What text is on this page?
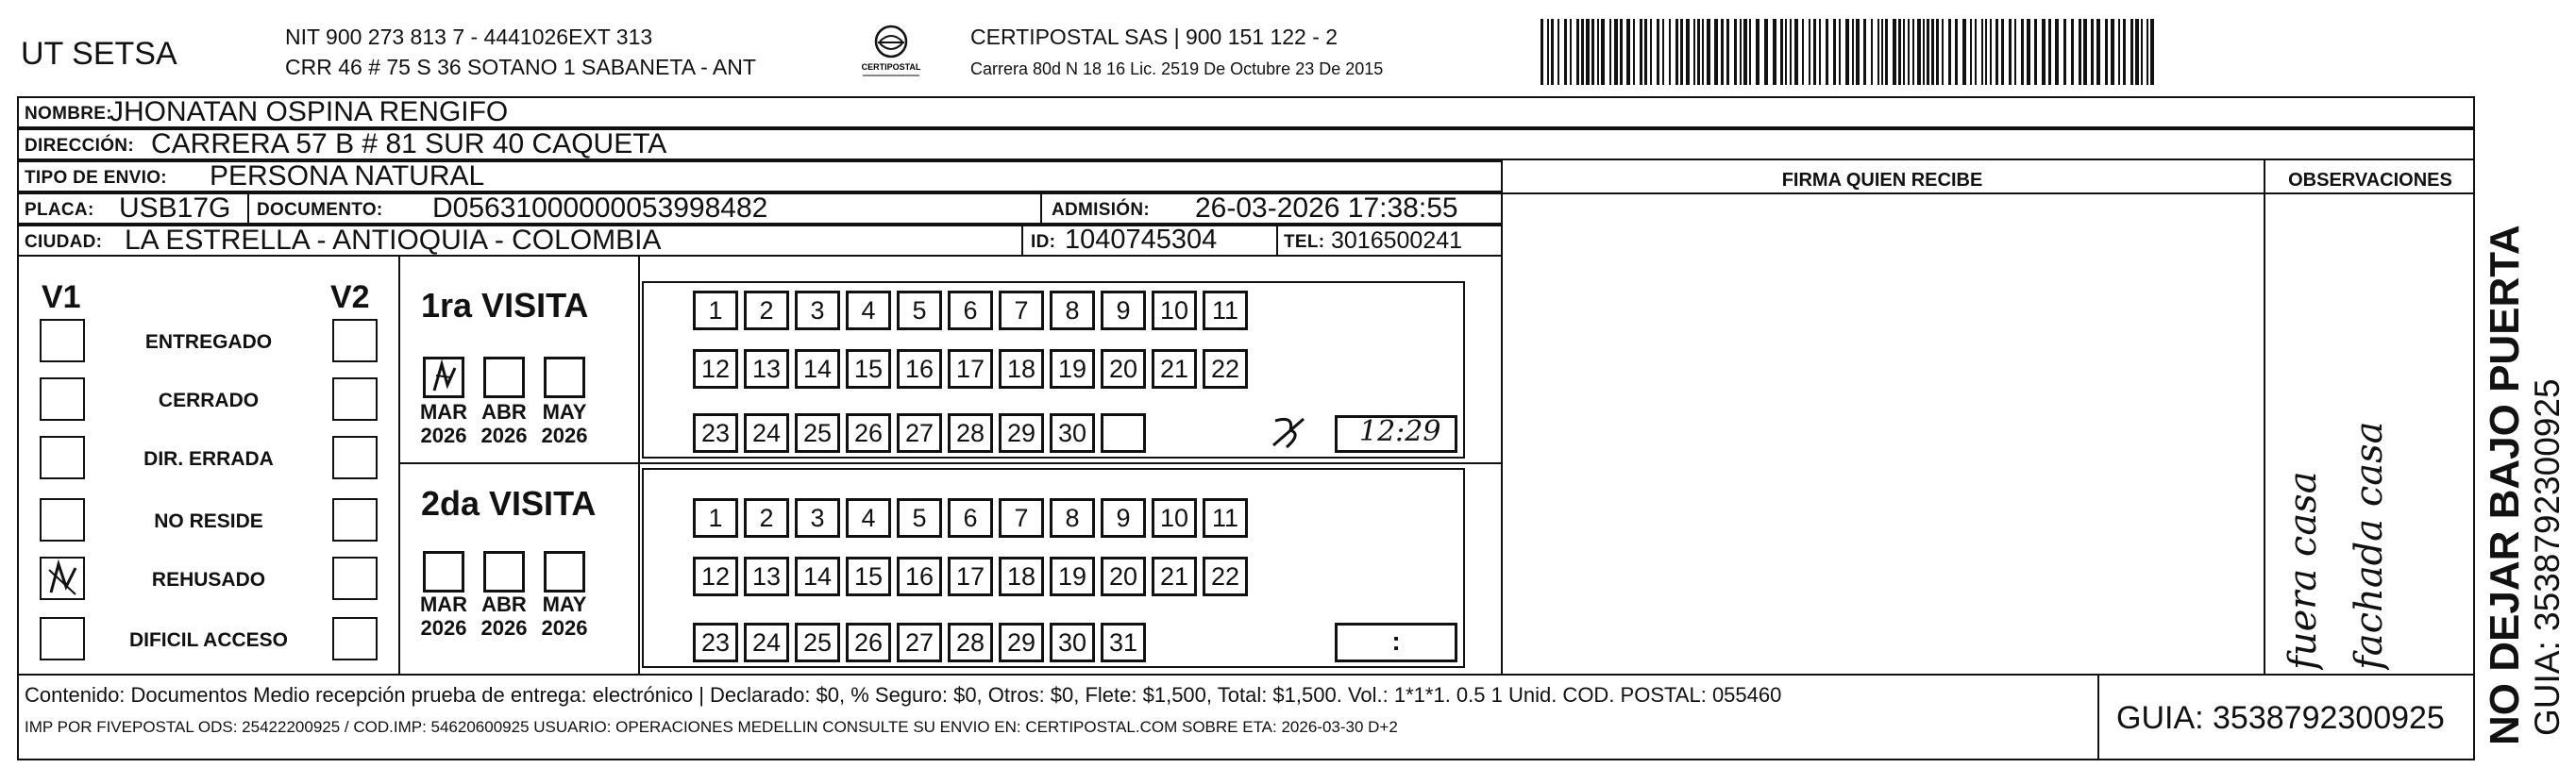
UT SETSA	NIT 900 273 813 7 - 4441026EXT 313
CRR 46 # 75 S 36 SOTANO 1 SABANETA - ANT	CERTIPOSTAL
CERTIPOSTAL SAS | 900 151 122 - 2
Carrera 80d N 18 16 Lic. 2519 De Octubre 23 De 2015
NOMBRE:
JHONATAN OSPINA RENGIFO
DIRECCIÓN: CARRERA 57 B # 81 SUR 40 CAQUETA
TIPO DE ENVIO: PERSONA NATURAL
PLACA: USB17G DOCUMENTO: D05631000000053998482	ADMISIÓN: 26-03-2026 17:38:55
CIUDAD: LA ESTRELLA - ANTIOQUIA - COLOMBIA	ID: 1040745304	TEL: 3016500241
FIRMA QUIEN RECIBE	OBSERVACIONES
V1	V2
ENTREGADO
CERRADO
DIR. ERRADA
NO RESIDE
REHUSADO
DIFICIL ACCESO
1ra VISITA
2da VISITA
MAR
2026
ABR
2026
MAY
2026
MAR
2026
ABR
2026
MAY
2026
1	2	3	4	5	6	7	8	9	10 11
12 13 14 15 16 17 18 19 20 21 22
23 24 25 26 27 28 29 30
1	2	3	4	5	6	7	8	9	10 11
12 13 14 15 16 17 18 19 20 21 22
23 24 25 26 27 28 29 30 31
12:29
:	fuera casa fachada casa
Contenido: Documentos Medio recepción prueba de entrega: electrónico | Declarado: $0, % Seguro: $0, Otros: $0, Flete: $1,500, Total: $1,500. Vol.: 1*1*1. 0.5 1 Unid. COD. POSTAL: 055460
IMP POR FIVEPOSTAL ODS: 25422200925 / COD.IMP: 54620600925 USUARIO: OPERACIONES MEDELLIN CONSULTE SU ENVIO EN: CERTIPOSTAL.COM SOBRE ETA: 2026-03-30 D+2	GUIA: 3538792300925 NO DEJAR BAJO PUERTA GUIA: 3538792300925
